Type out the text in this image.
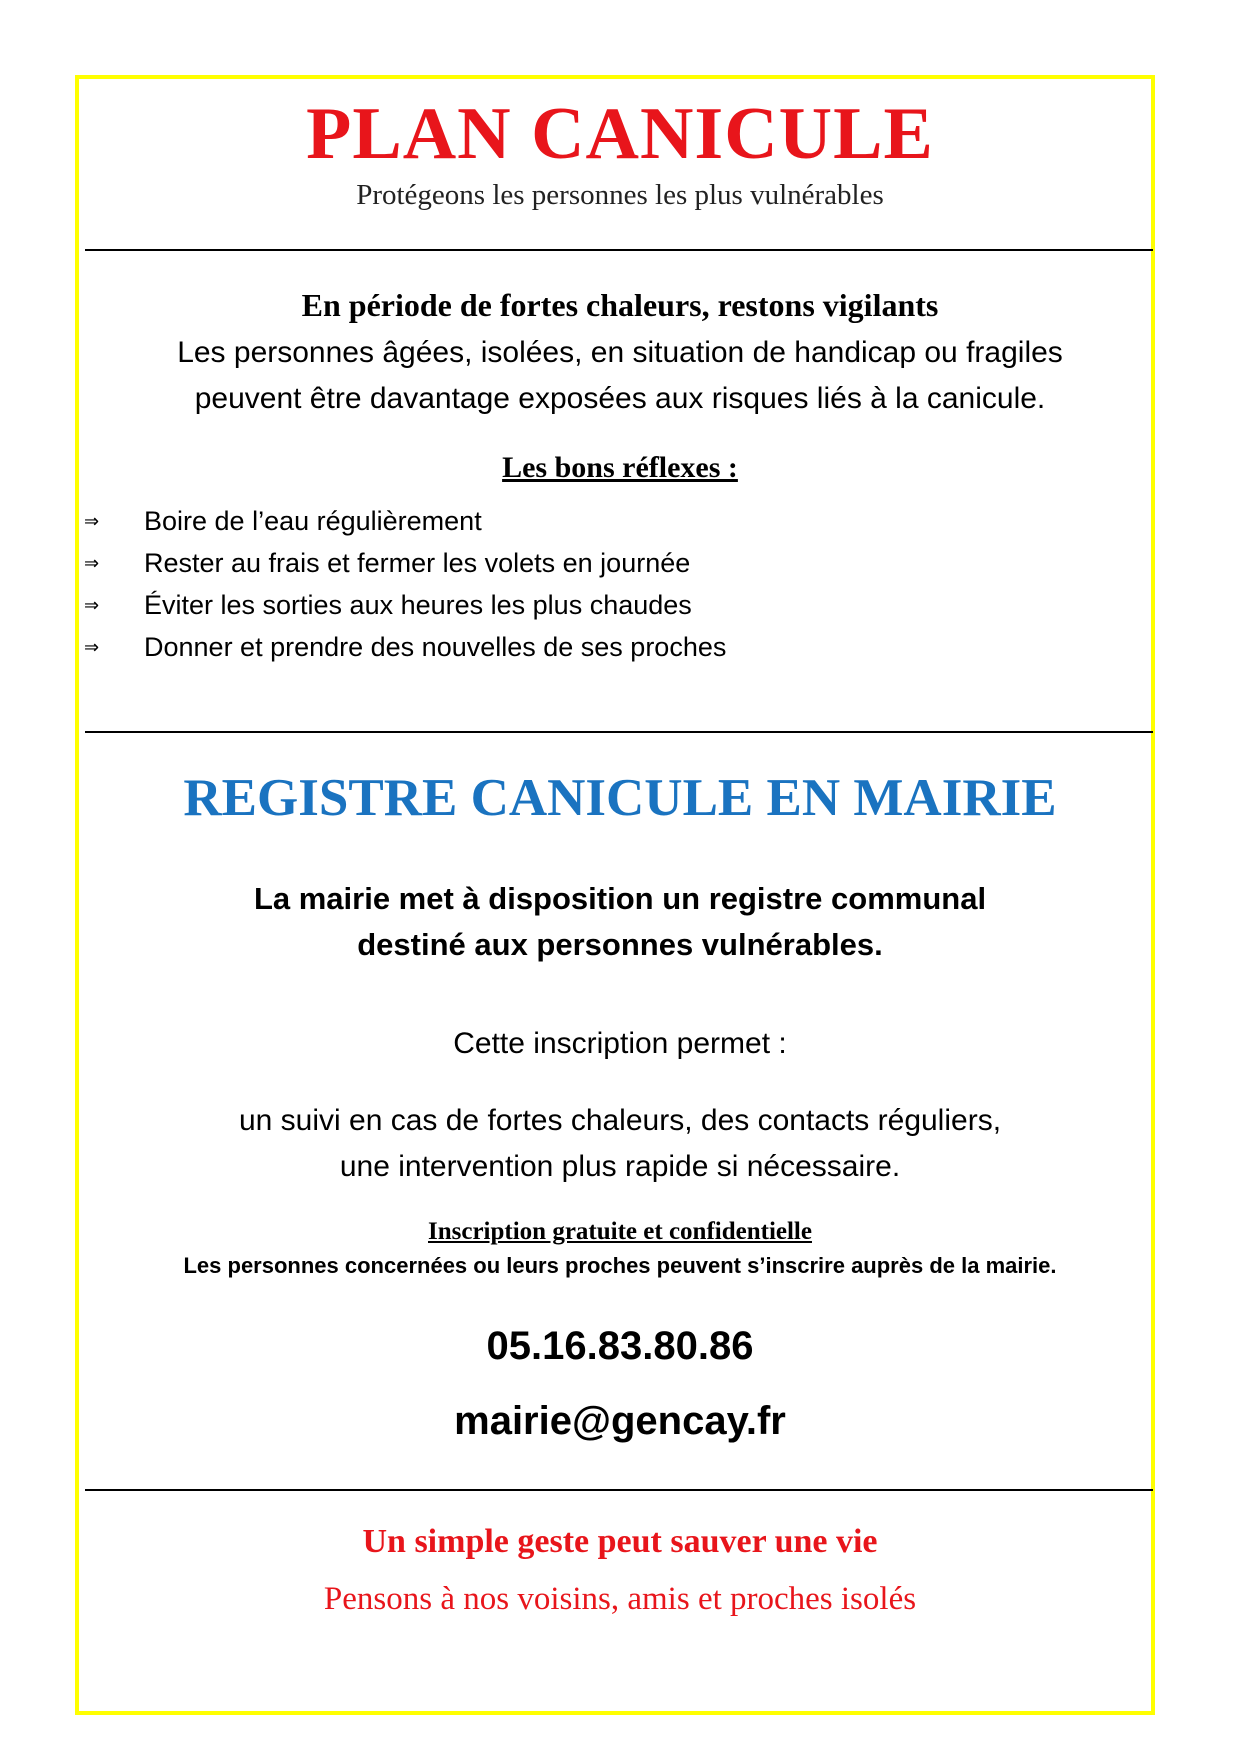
PLAN CANICULE

Protégeons les personnes les plus vulnérables

En période de fortes chaleurs, restons vigilants

Les personnes âgées, isolées, en situation de handicap ou fragiles
peuvent être davantage exposées aux risques liés à la canicule.

Les bons réflexes :

⇒	Boire de l’eau régulièrement
⇒	Rester au frais et fermer les volets en journée
⇒	Éviter les sorties aux heures les plus chaudes
⇒	Donner et prendre des nouvelles de ses proches
REGISTRE CANICULE EN MAIRIE
La mairie met à disposition un registre communal
destiné aux personnes vulnérables.

Cette inscription permet :

un suivi en cas de fortes chaleurs, des contacts réguliers,
une intervention plus rapide si nécessaire.

Inscription gratuite et confidentielle

Les personnes concernées ou leurs proches peuvent s’inscrire auprès de la mairie.

05.16.83.80.86

mairie@gencay.fr

Un simple geste peut sauver une vie

Pensons à nos voisins, amis et proches isolés
